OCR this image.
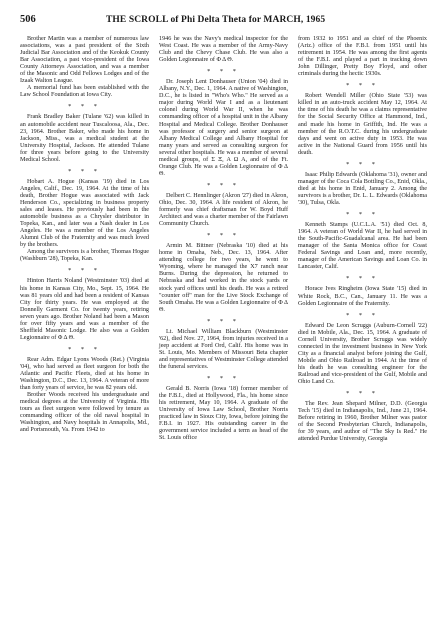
506	THE SCROLL of Phi Delta Theta for MARCH, 1965

Brother Martin was a member of numerous law associations, was a past president of the Sixth Judicial Bar Association and of the Keokuk County Bar Association, a past vice-president of the Iowa County Attorneys Association, and was a member of the Masonic and Odd Fellows Lodges and of the Izaak Walton League.

A memorial fund has been established with the Law School Foundation at Iowa City.

* * *

Frank Bradley Baker (Tulane '62) was killed in an automobile accident near Tuscaloosa, Ala., Dec. 23, 1964. Brother Baker, who made his home in Jackson, Miss., was a medical student at the University Hospital, Jackson. He attended Tulane for three years before going to the University Medical School.

* * *

Hobart A. Hogue (Kansas '19) died in Los Angeles, Calif., Dec. 19, 1964. At the time of his death, Brother Hogue was associated with Jack Henderson Co., specializing in business property sales and leases. He previously had been in the automobile business as a Chrysler distributor in Topeka, Kan., and later was a Nash dealer in Los Angeles. He was a member of the Los Angeles Alumni Club of the Fraternity and was much loved by the brothers.

Among the survivors is a brother, Thomas Hogue (Washburn '28), Topeka, Kan.

* * *

Hinton Harris Noland (Westminster '03) died at his home in Kansas City, Mo., Sept. 15, 1964. He was 81 years old and had been a resident of Kansas City for thirty years. He was employed at the Donnelly Garment Co. for twenty years, retiring seven years ago. Brother Noland had been a Mason for over fifty years and was a member of the Sheffield Masonic Lodge. He also was a Golden Legionnaire of Φ Δ Θ.

* * *

Rear Adm. Edgar Lyons Woods (Ret.) (Virginia '04), who had served as fleet surgeon for both the Atlantic and Pacific Fleets, died at his home in Washington, D.C., Dec. 13, 1964. A veteran of more than forty years of service, he was 82 years old.

Brother Woods received his undergraduate and medical degrees at the University of Virginia. His tours as fleet surgeon were followed by tenure as commanding officer of the old naval hospital in Washington, and Navy hospitals in Annapolis, Md., and Portsmouth, Va. From 1942 to

1946 he was the Navy's medical inspector for the West Coast. He was a member of the Army-Navy Club and the Chevy Chase Club. He was also a Golden Legionnaire of Φ Δ Θ.

* * *

Dr. Joseph Lent Donhauser (Union '04) died in Albany, N.Y., Dec. 1, 1964. A native of Washington, D.C., he is listed in "Who's Who." He served as a major during World War I and as a lieutenant colonel during World War II, when he was commanding officer of a hospital unit in the Albany Hospital and Medical College. Brother Donhauser was professor of surgery and senior surgeon at Albany Medical College and Albany Hospital for many years and served as consulting surgeon for several other hospitals. He was a member of several medical groups, of Σ Ξ, Α Ω Α, and of the Ft. Orange Club. He was a Golden Legionnaire of Φ Δ Θ.

* * *

Delbert C. Hennlinger (Akron '27) died in Akron, Ohio, Dec. 30, 1964. A life resident of Akron, he formerly was chief draftsman for W. Boyd Huff Architect and was a charter member of the Fairlawn Community Church.

* * *

Armin M. Bittner (Nebraska '10) died at his home in Omaha, Neb., Dec. 13, 1964. After attending college for two years, he went to Wyoming, where he managed the X7 ranch near Burns. During the depression, he returned to Nebraska and had worked in the stock yards or stock yard offices until his death. He was a retired "counter off" man for the Live Stock Exchange of South Omaha. He was a Golden Legionnaire of Φ Δ Θ.

* * *

Lt. Michael William Blackburn (Westminster '62), died Nov. 27, 1964, from injuries received in a jeep accident at Ford Ord, Calif. His home was in St. Louis, Mo. Members of Missouri Beta chapter and representatives of Westminster College attended the funeral services.

* * *

Gerald B. Norris (Iowa '18) former member of the F.B.I., died at Hollywood, Fla., his home since his retirement, May 10, 1964. A graduate of the University of Iowa Law School, Brother Norris practiced law in Sioux City, Iowa, before joining the F.B.I. in 1927. His outstanding career in the government service included a term as head of the St. Louis office

from 1932 to 1951 and as chief of the Phoenix (Ariz.) office of the F.B.I. from 1951 until his retirement in 1954. He was among the first agents of the F.B.I. and played a part in tracking down John Dillinger, Pretty Boy Floyd, and other criminals during the hectic 1930s.

* * *

Robert Wendell Miller (Ohio State '53) was killed in an auto-truck accident May 12, 1964. At the time of his death he was a claims representative for the Social Security Office at Hammond, Ind., and made his home in Griffith, Ind. He was a member of the R.O.T.C. during his undergraduate days and went on active duty in 1953. He was active in the National Guard from 1956 until his death.

* * *

Isaac Philip Edwards (Oklahoma '31), owner and manager of the Coca Cola Bottling Co., Enid, Okla., died at his home in Enid, January 2. Among the survivors is a brother, Dr. L. L. Edwards (Oklahoma '30), Tulsa, Okla.

* * *

Kenneth Stamps (U.C.L.A. '51) died Oct. 8, 1964. A veteran of World War II, he had served in the South-Pacific-Guadalcanal area. He had been manager of the Santa Monica office for Coast Federal Savings and Loan and, more recently, manager of the American Savings and Loan Co. in Lancaster, Calif.

* * *

Horace Ives Ringheim (Iowa State '15) died in White Rock, B.C., Can., January 11. He was a Golden Legionnaire of the Fraternity.

* * *

Edward De Leon Scruggs (Auburn-Cornell '22) died in Mobile, Ala., Dec. 15, 1964. A graduate of Cornell University, Brother Scruggs was widely connected in the investment business in New York City as a financial analyst before joining the Gulf, Mobile and Ohio Railroad in 1944. At the time of his death he was consulting engineer for the Railroad and vice-president of the Gulf, Mobile and Ohio Land Co.

* * *

The Rev. Jean Shepard Milner, D.D. (Georgia Tech '15) died in Indianapolis, Ind., June 21, 1964. Before retiring in 1960, Brother Milner was pastor of the Second Presbyterian Church, Indianapolis, for 39 years, and author of "The Sky Is Red." He attended Purdue University, Georgia
